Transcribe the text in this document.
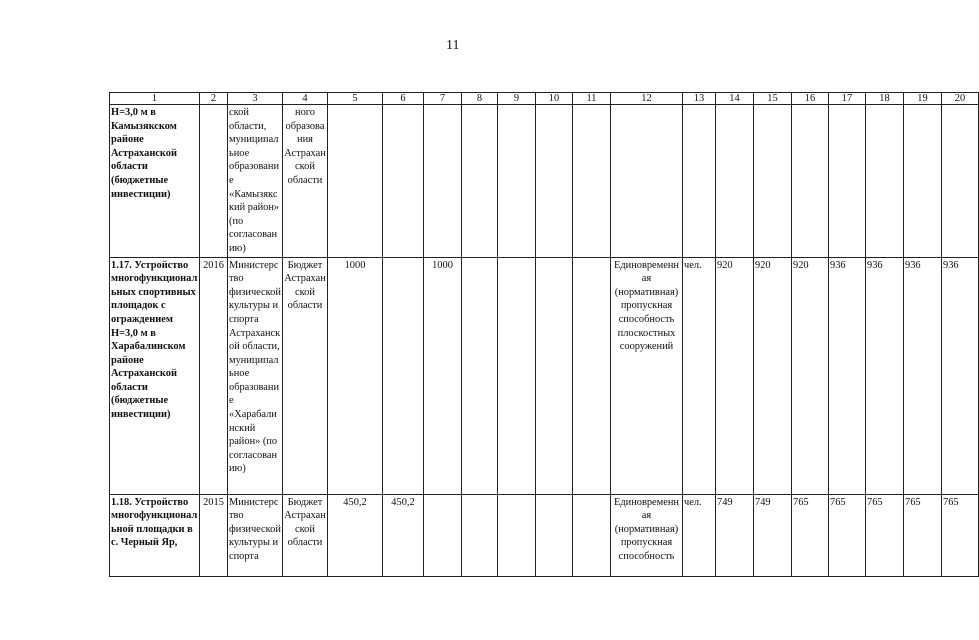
11
1	2	3	4	5	6	7	8	9	10	11	12	13	14	15	16	17	18	19	20
Н=3,0 м в Камызякском районе Астраханской области (бюджетные инвестиции)		ской области, муниципальное образование «Камызякский район» (по согласованию)	ного образования Астраханской области																
1.17. Устройство многофункциональных спортивных площадок с ограждением Н=3,0 м в Харабалинском районе Астраханской области (бюджетные инвестиции)	2016	Министерство физической культуры и спорта Астраханской области, муниципальное образование «Харабалинский район» (по согласованию)	Бюджет Астраханской области	1000		1000					Единовременная (нормативная) пропускная способность плоскостных сооружений	чел.	920	920	920	936	936	936	936
1.18. Устройство многофункциональной площадки в с. Черный Яр,	2015	Министерство физической культуры и спорта	Бюджет Астраханской области	450,2	450,2						Единовременная (нормативная) пропускная способность	чел.	749	749	765	765	765	765	765
